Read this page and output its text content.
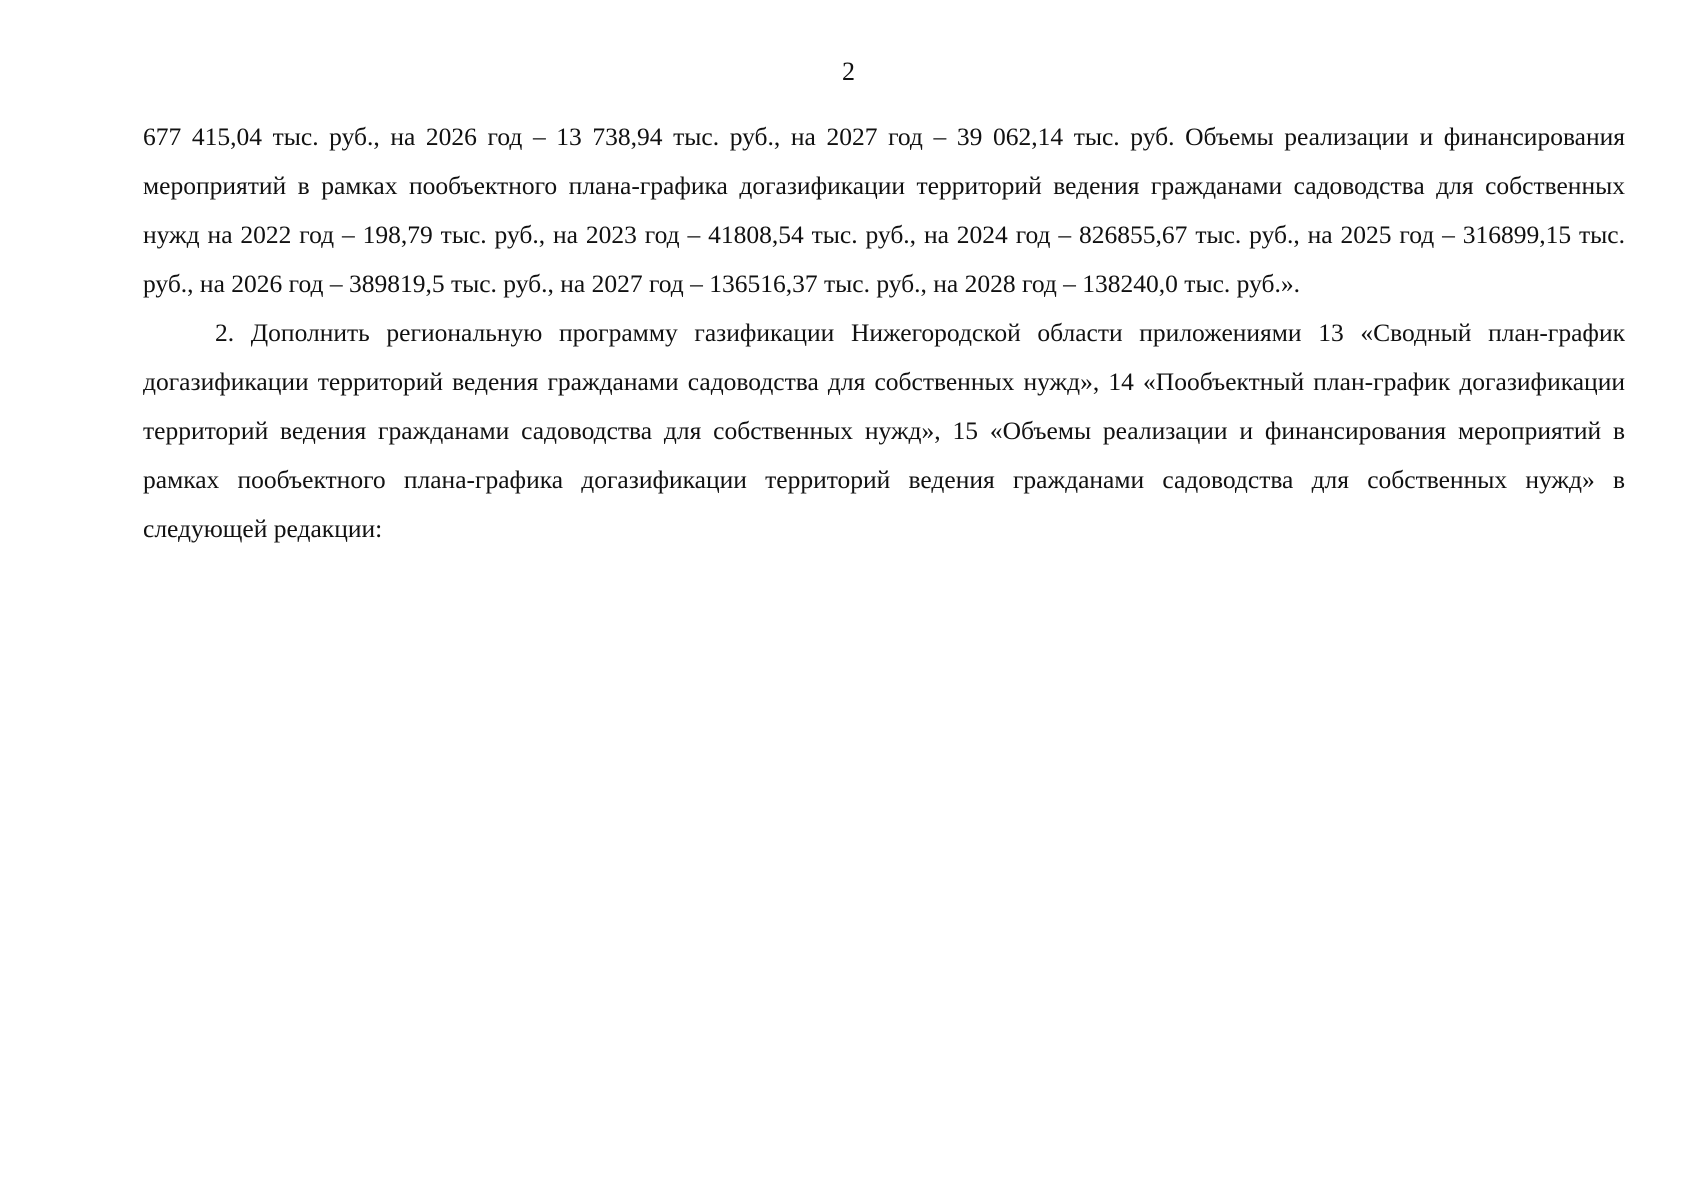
2

677 415,04 тыс. руб., на 2026 год – 13 738,94 тыс. руб., на 2027 год – 39 062,14 тыс. руб. Объемы реализации и финансирования мероприятий в рамках пообъектного плана-графика догазификации территорий ведения гражданами садоводства для собственных нужд на 2022 год – 198,79 тыс. руб., на 2023 год – 41808,54 тыс. руб., на 2024 год – 826855,67 тыс. руб., на 2025 год – 316899,15 тыс. руб., на 2026 год – 389819,5 тыс. руб., на 2027 год – 136516,37 тыс. руб., на 2028 год – 138240,0 тыс. руб.».

2. Дополнить региональную программу газификации Нижегородской области приложениями 13 «Сводный план-график догазификации территорий ведения гражданами садоводства для собственных нужд», 14 «Пообъектный план-график догазификации территорий ведения гражданами садоводства для собственных нужд», 15 «Объемы реализации и финансирования мероприятий в рамках пообъектного плана-графика догазификации территорий ведения гражданами садоводства для собственных нужд» в следующей редакции:
